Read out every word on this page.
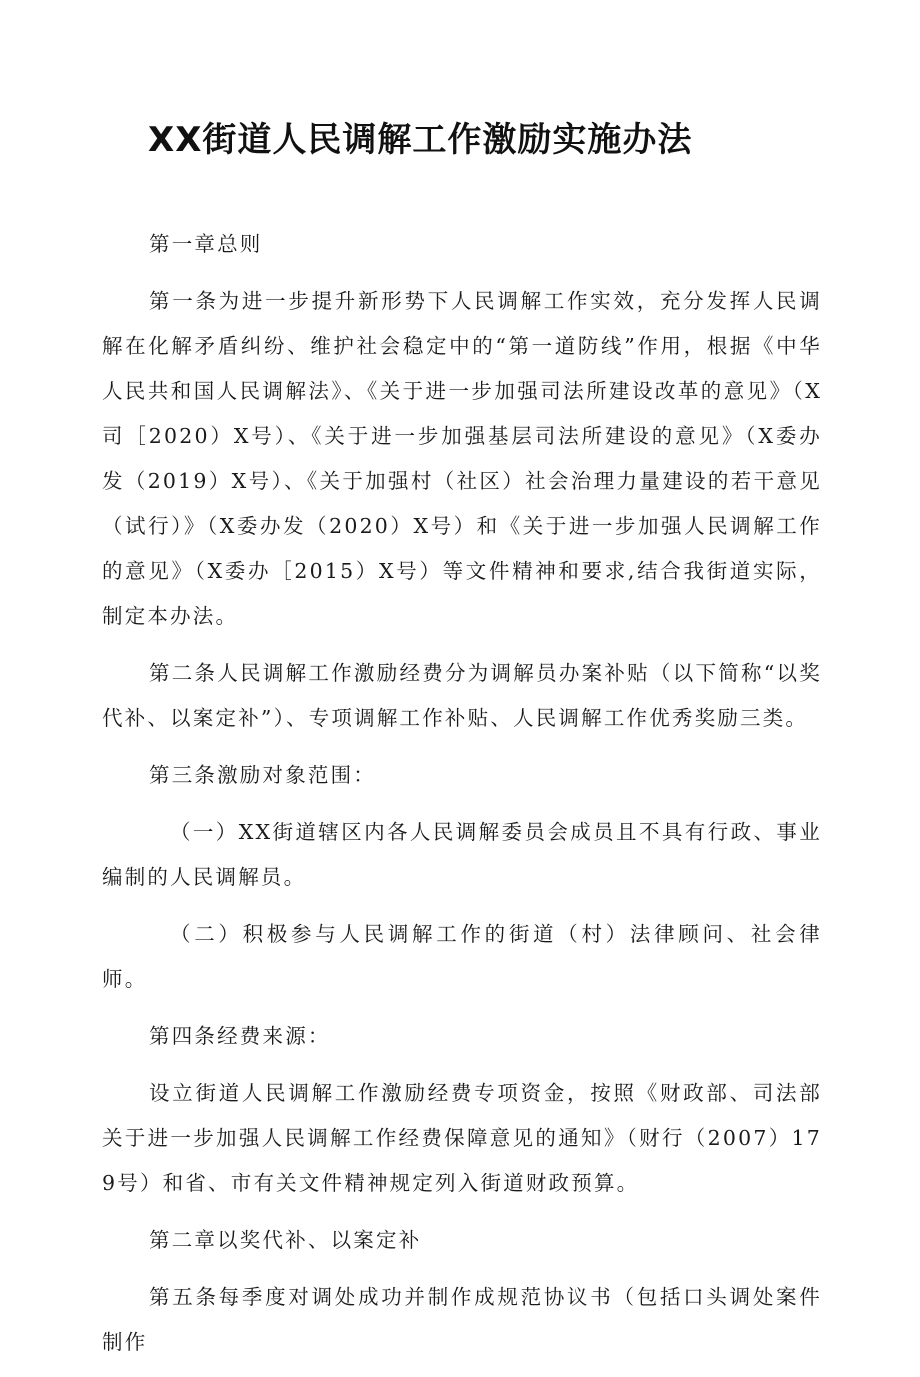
XX街道人民调解工作激励实施办法

第一章总则

第一条为进一步提升新形势下人民调解工作实效，充分发挥人民调解在化解矛盾纠纷、维护社会稳定中的“第一道防线”作用，根据《中华人民共和国人民调解法》、《关于进一步加强司法所建设改革的意见》（X司［2020）X号）、《关于进一步加强基层司法所建设的意见》（X委办发（2019）X号）、《关于加强村（社区）社会治理力量建设的若干意见（试行）》（X委办发（2020）X号）和《关于进一步加强人民调解工作的意见》（X委办［2015）X号）等文件精神和要求,结合我街道实际，制定本办法。

第二条人民调解工作激励经费分为调解员办案补贴（以下简称“以奖代补、以案定补”）、专项调解工作补贴、人民调解工作优秀奖励三类。

第三条激励对象范围：

（一）XX街道辖区内各人民调解委员会成员且不具有行政、事业编制的人民调解员。

（二）积极参与人民调解工作的街道（村）法律顾问、社会律师。

第四条经费来源：

设立街道人民调解工作激励经费专项资金，按照《财政部、司法部关于进一步加强人民调解工作经费保障意见的通知》（财行（2007）179号）和省、市有关文件精神规定列入街道财政预算。

第二章以奖代补、以案定补

第五条每季度对调处成功并制作成规范协议书（包括口头调处案件制作
